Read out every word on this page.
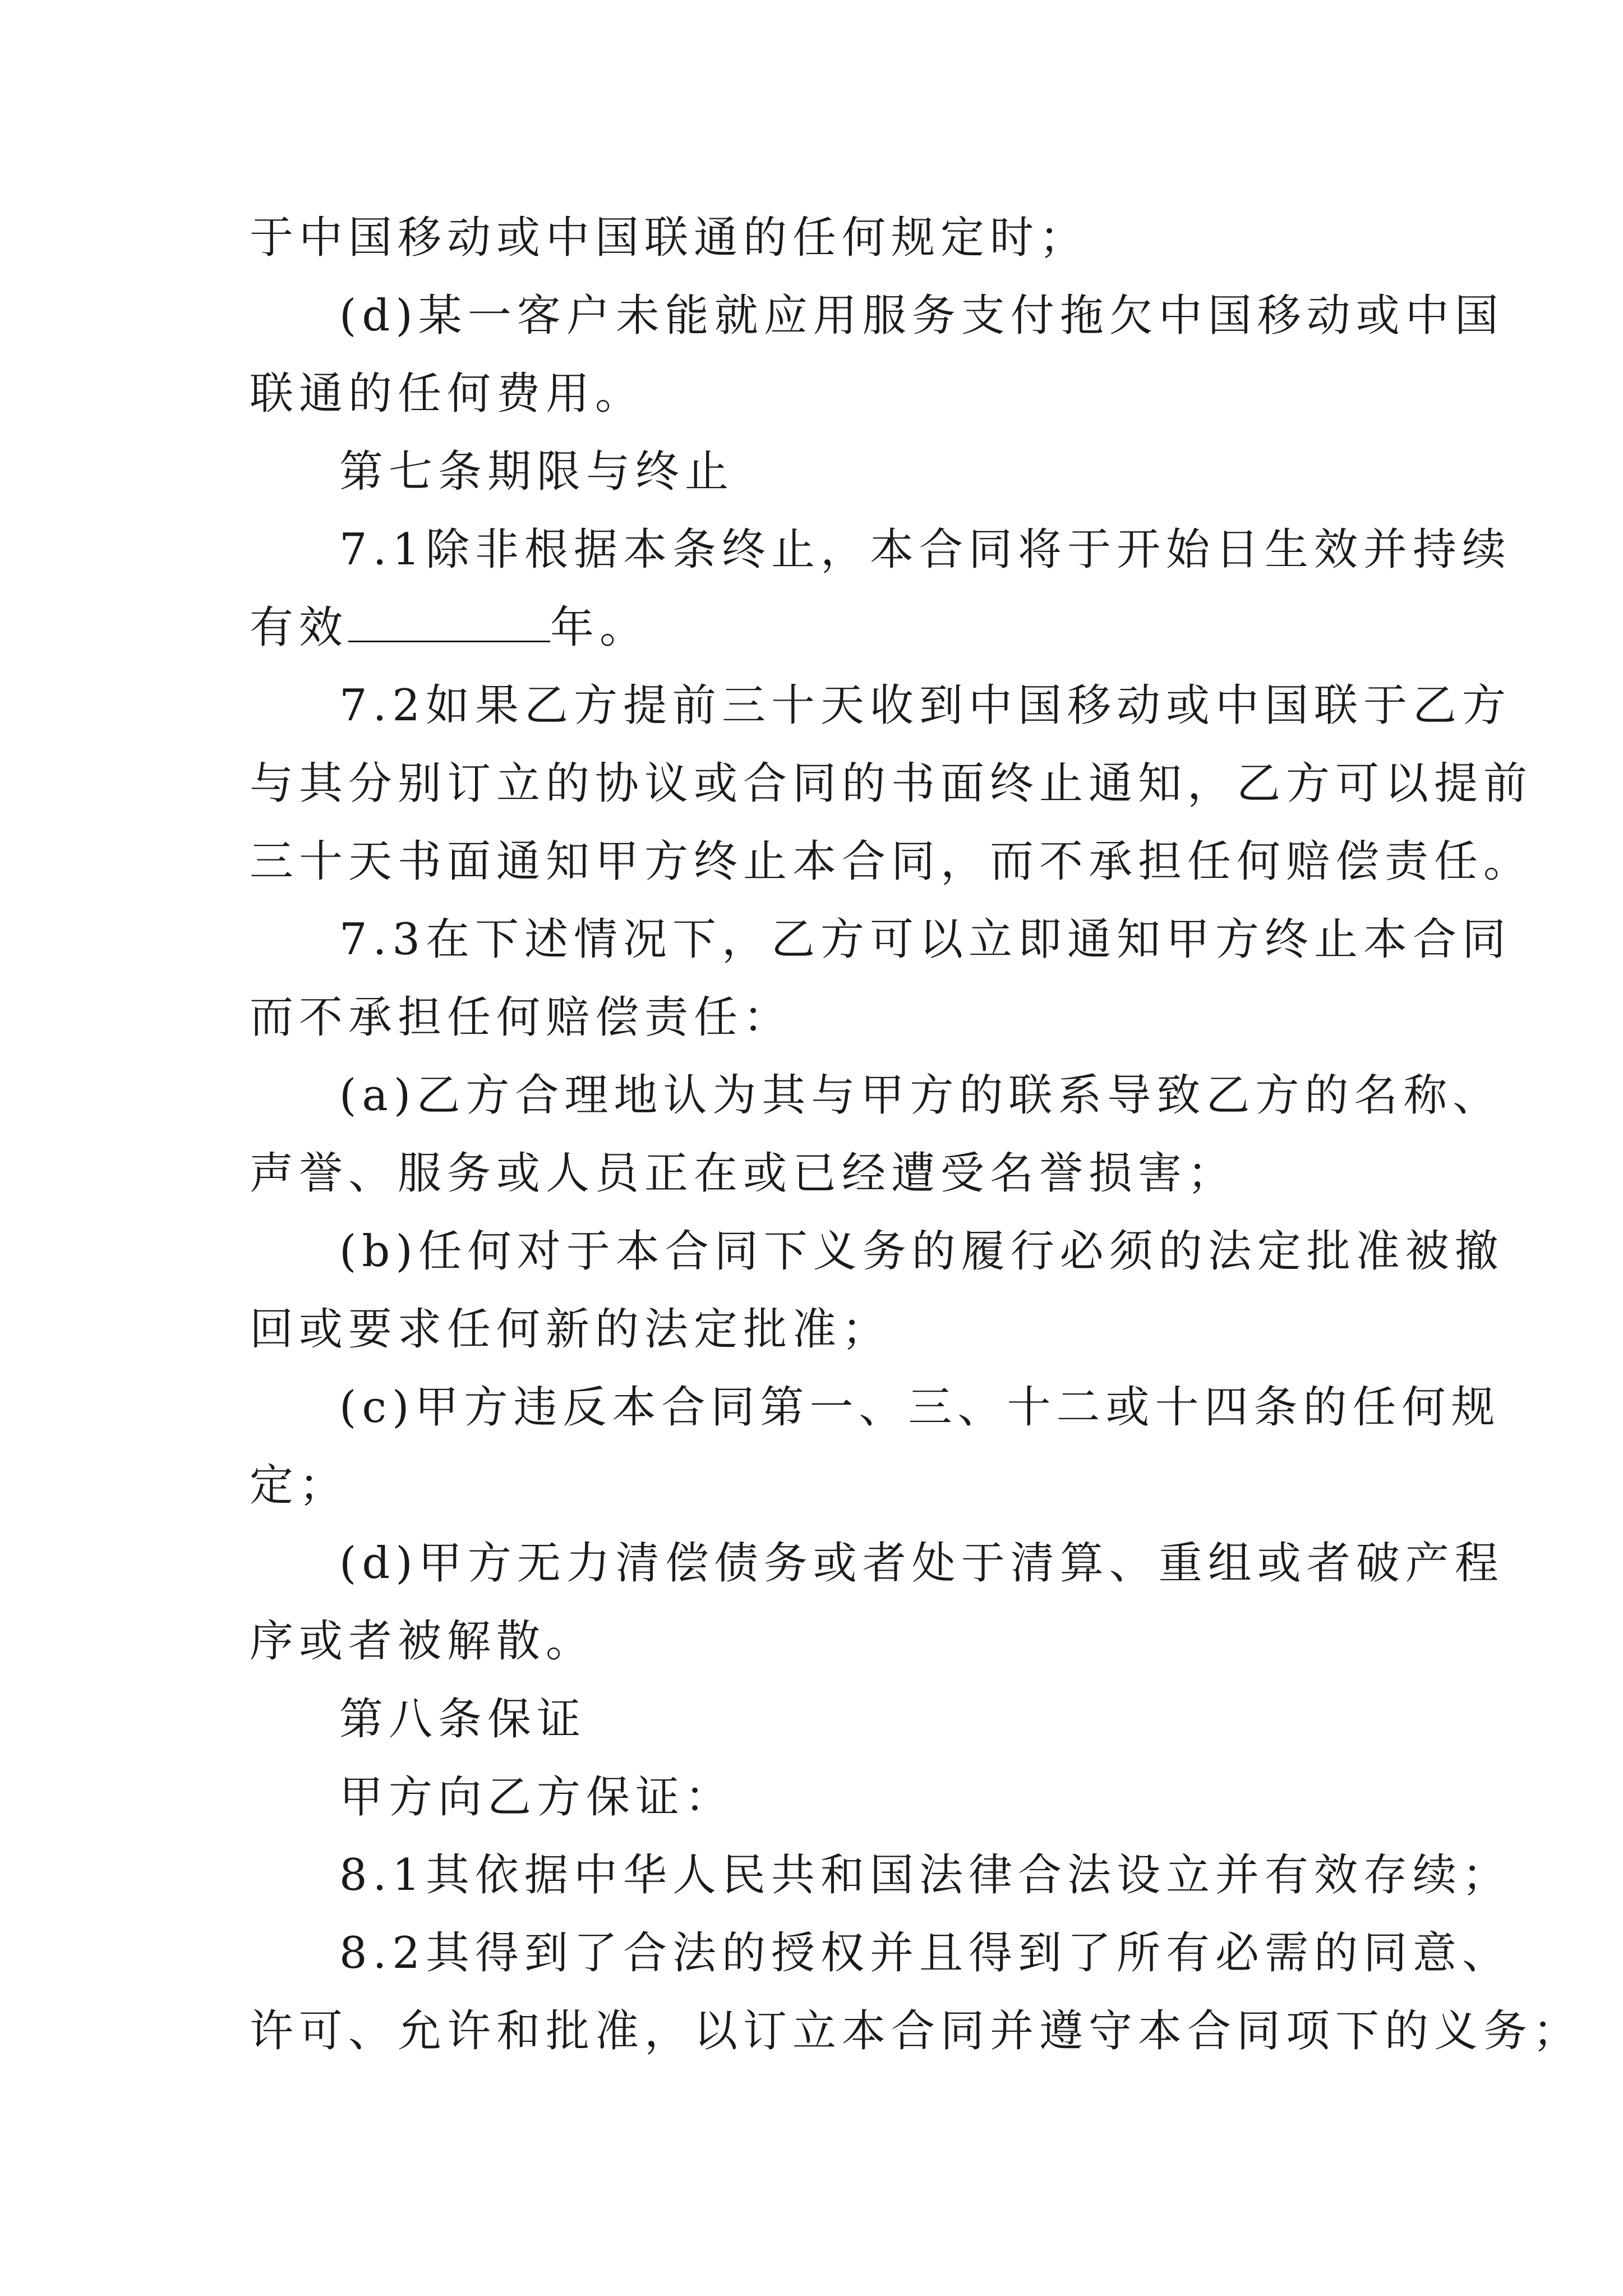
于中国移动或中国联通的任何规定时；

(d)某一客户未能就应用服务支付拖欠中国移动或中国

联通的任何费用。

第七条期限与终止

7.1除非根据本条终止，本合同将于开始日生效并持续

有效	年。

7.2如果乙方提前三十天收到中国移动或中国联于乙方

与其分别订立的协议或合同的书面终止通知，乙方可以提前

三十天书面通知甲方终止本合同，而不承担任何赔偿责任。

7.3在下述情况下，乙方可以立即通知甲方终止本合同

而不承担任何赔偿责任：

(a)乙方合理地认为其与甲方的联系导致乙方的名称、

声誉、服务或人员正在或已经遭受名誉损害；

(b)任何对于本合同下义务的履行必须的法定批准被撤

回或要求任何新的法定批准；

(c)甲方违反本合同第一、三、十二或十四条的任何规

定；

(d)甲方无力清偿债务或者处于清算、重组或者破产程

序或者被解散。

第八条保证

甲方向乙方保证：

8.1其依据中华人民共和国法律合法设立并有效存续；

8.2其得到了合法的授权并且得到了所有必需的同意、

许可、允许和批准，以订立本合同并遵守本合同项下的义务；
